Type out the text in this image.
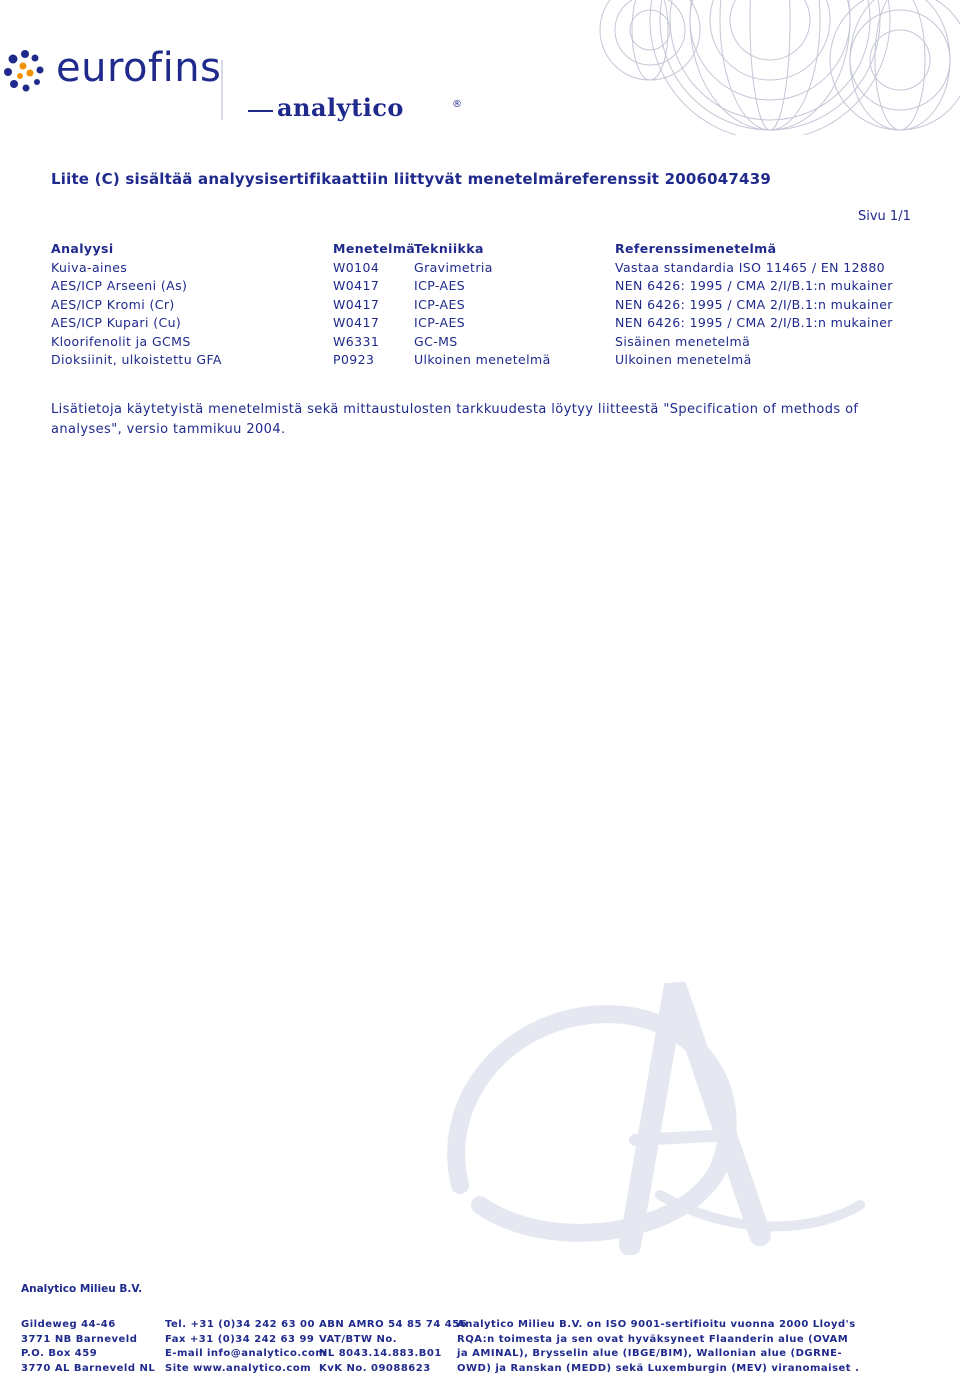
eurofins
analytico	®
Liite (C) sisältää analyysisertifikaattiin liittyvät menetelmäreferenssit 2006047439
Sivu 1/1
Analyysi
Kuiva-aines
AES/ICP Arseeni (As)
AES/ICP Kromi (Cr)
AES/ICP Kupari (Cu)
Kloorifenolit ja GCMS
Dioksiinit, ulkoistettu GFA
Menetelmä
W0104
W0417
W0417
W0417
W6331
P0923
Tekniikka
Gravimetria
ICP-AES
ICP-AES
ICP-AES
GC-MS
Ulkoinen menetelmä
Referenssimenetelmä
Vastaa standardia ISO 11465 / EN 12880
NEN 6426: 1995 / CMA 2/I/B.1:n mukainer
NEN 6426: 1995 / CMA 2/I/B.1:n mukainer
NEN 6426: 1995 / CMA 2/I/B.1:n mukainer
Sisäinen menetelmä
Ulkoinen menetelmä
Lisätietoja käytetyistä menetelmistä sekä mittaustulosten tarkkuudesta löytyy liitteestä "Specification of methods of analyses", versio tammikuu 2004.
Analytico Milieu B.V.
Gildeweg 44-46
3771 NB Barneveld
P.O. Box 459
3770 AL Barneveld NL
Tel. +31 (0)34 242 63 00
Fax +31 (0)34 242 63 99
E-mail info@analytico.com
Site www.analytico.com
ABN AMRO 54 85 74 456
VAT/BTW No.
NL 8043.14.883.B01
KvK No. 09088623
Analytico Milieu B.V. on ISO 9001-sertifioitu vuonna 2000 Lloyd's
RQA:n toimesta ja sen ovat hyväksyneet Flaanderin alue (OVAM
ja AMINAL), Brysselin alue (IBGE/BIM), Wallonian alue (DGRNE-
OWD) ja Ranskan (MEDD) sekä Luxemburgin (MEV) viranomaiset .
